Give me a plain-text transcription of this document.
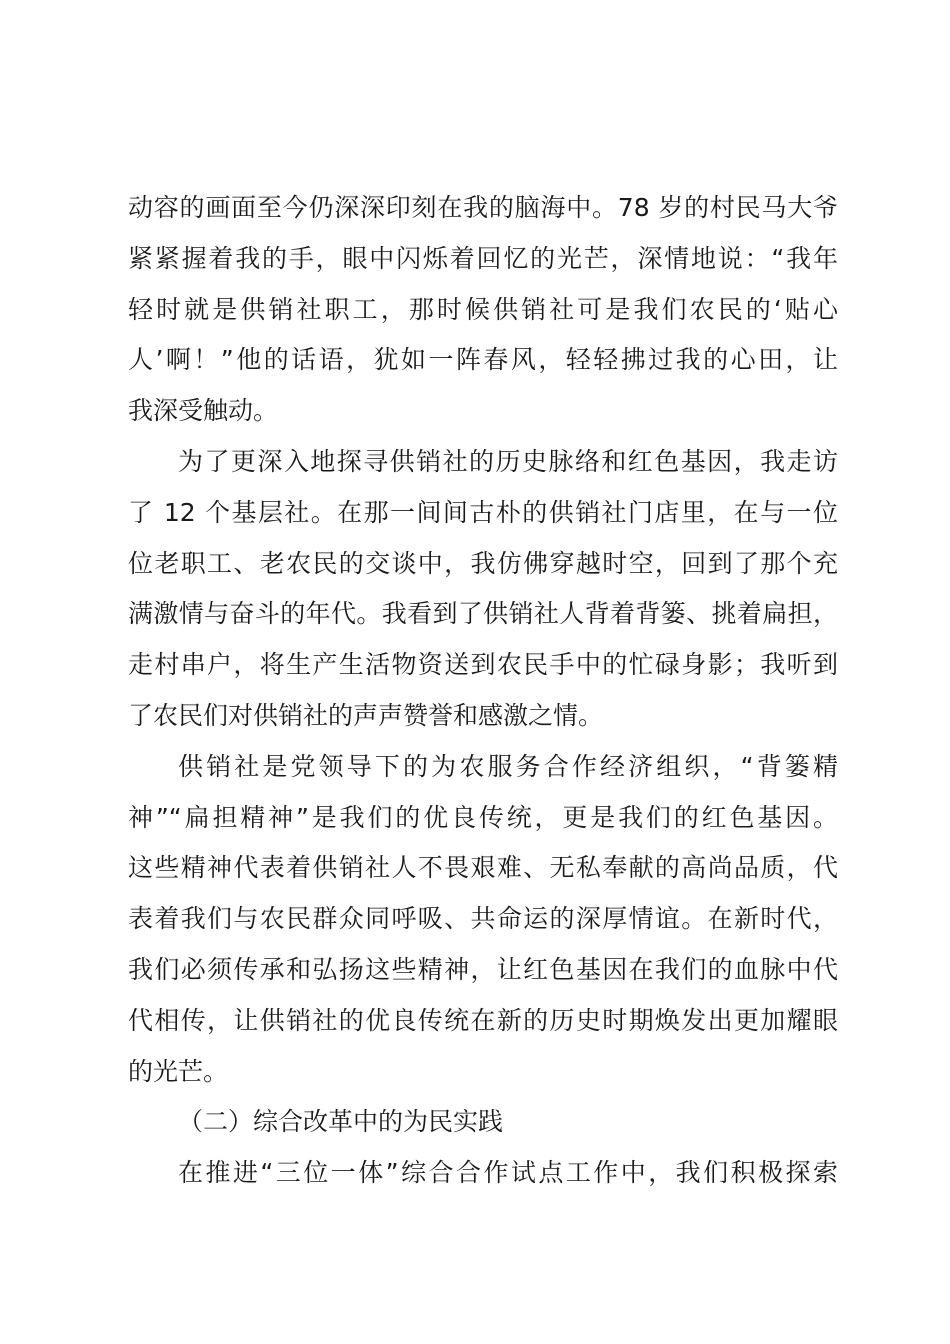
动容的画面至今仍深深印刻在我的脑海中。78 岁的村民马大爷
紧紧握着我的手，眼中闪烁着回忆的光芒，深情地说：“我年
轻时就是供销社职工，那时候供销社可是我们农民的‘贴心
人’啊！”他的话语，犹如一阵春风，轻轻拂过我的心田，让
我深受触动。
为了更深入地探寻供销社的历史脉络和红色基因，我走访
了 12 个基层社。在那一间间古朴的供销社门店里，在与一位
位老职工、老农民的交谈中，我仿佛穿越时空，回到了那个充
满激情与奋斗的年代。我看到了供销社人背着背篓、挑着扁担，
走村串户，将生产生活物资送到农民手中的忙碌身影；我听到
了农民们对供销社的声声赞誉和感激之情。
供销社是党领导下的为农服务合作经济组织，“背篓精
神”“扁担精神”是我们的优良传统，更是我们的红色基因。
这些精神代表着供销社人不畏艰难、无私奉献的高尚品质，代
表着我们与农民群众同呼吸、共命运的深厚情谊。在新时代，
我们必须传承和弘扬这些精神，让红色基因在我们的血脉中代
代相传，让供销社的优良传统在新的历史时期焕发出更加耀眼
的光芒。
（二）综合改革中的为民实践
在推进“三位一体”综合合作试点工作中，我们积极探索
